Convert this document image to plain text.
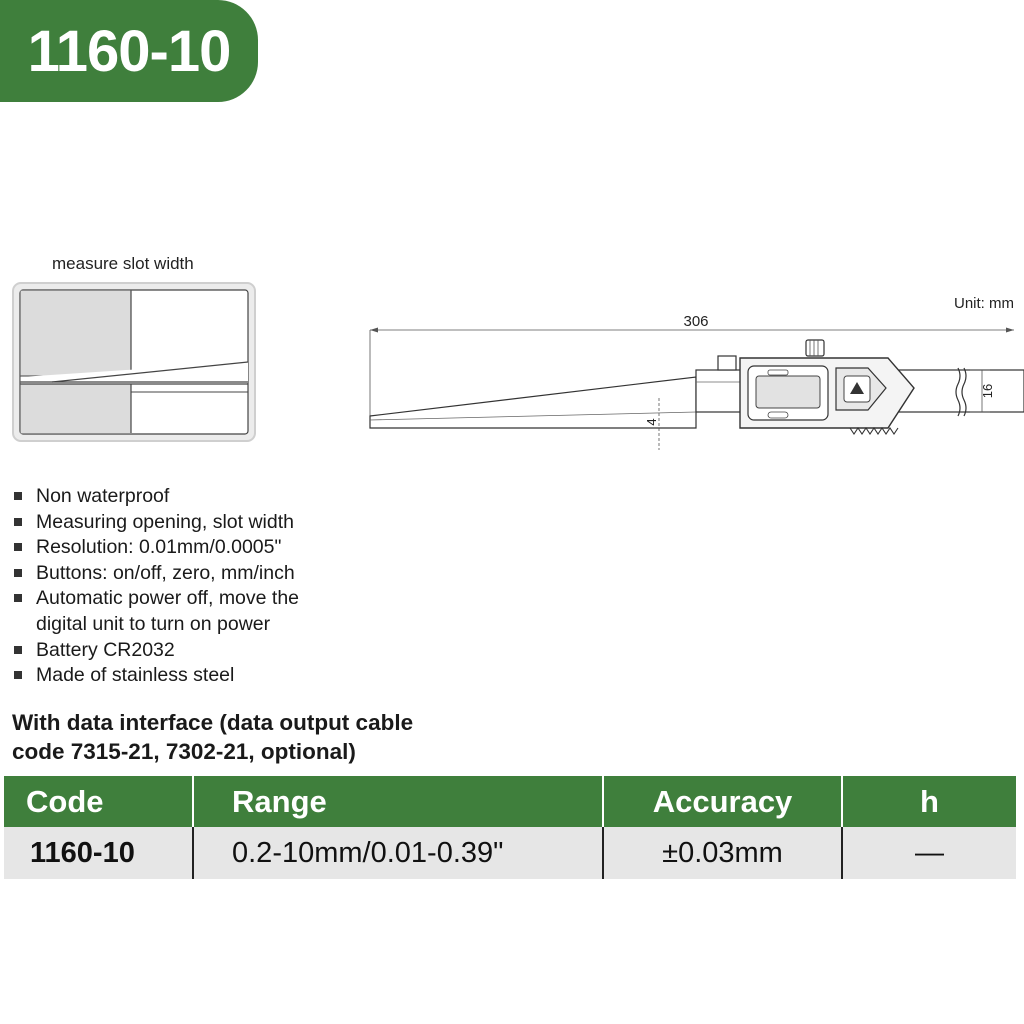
1160-10
measure slot width
Unit: mm
306
4
16
Non waterproof
Measuring opening, slot width
Resolution: 0.01mm/0.0005"
Buttons: on/off, zero, mm/inch
Automatic power off, move the
digital unit to turn on power
Battery CR2032
Made of stainless steel
With data interface (data output cable
code 7315-21, 7302-21, optional)
Code	Range	Accuracy	h
1160-10	0.2-10mm/0.01-0.39"	±0.03mm	—
